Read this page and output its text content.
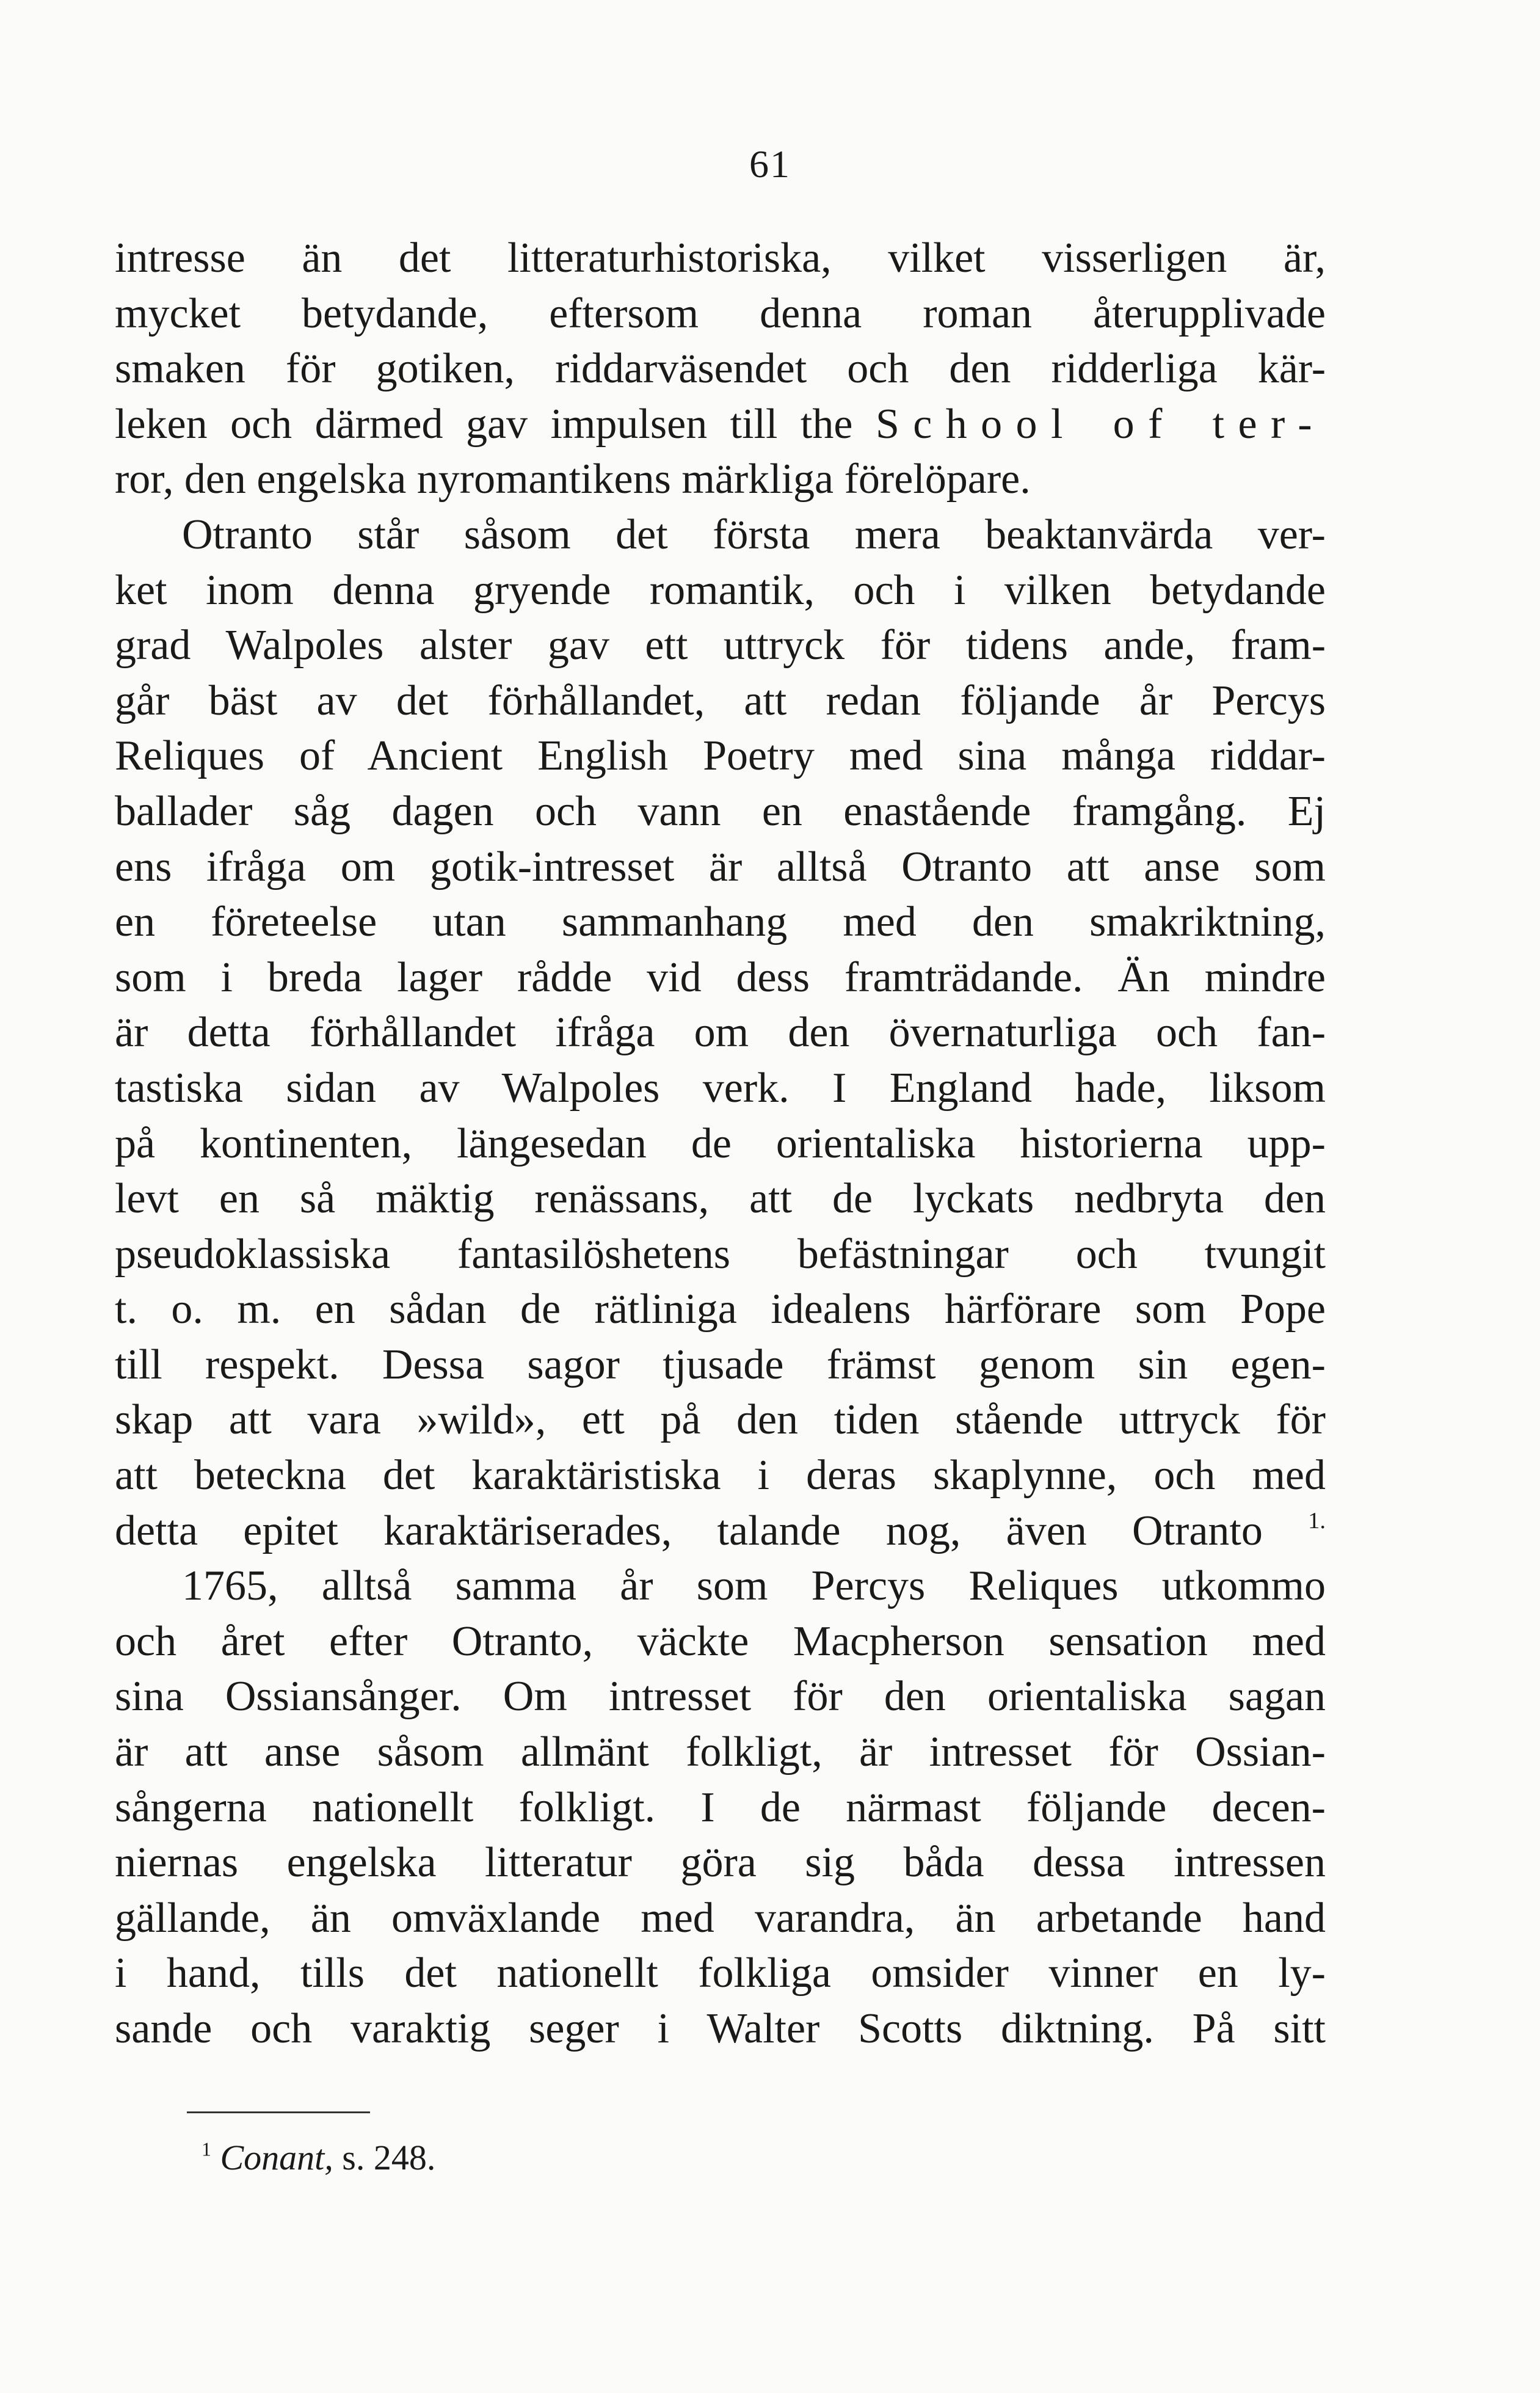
61
intresse än det litteraturhistoriska, vilket visserligen är,
mycket betydande, eftersom denna roman återupplivade
smaken för gotiken, riddarväsendet och den ridderliga kär-
leken och därmed gav impulsen till the School of ter-
ror, den engelska nyromantikens märkliga förelöpare.
Otranto står såsom det första mera beaktanvärda ver-
ket inom denna gryende romantik, och i vilken betydande
grad Walpoles alster gav ett uttryck för tidens ande, fram-
går bäst av det förhållandet, att redan följande år Percys
Reliques of Ancient English Poetry med sina många riddar-
ballader såg dagen och vann en enastående framgång. Ej
ens ifråga om gotik-intresset är alltså Otranto att anse som
en företeelse utan sammanhang med den smakriktning,
som i breda lager rådde vid dess framträdande. Än mindre
är detta förhållandet ifråga om den övernaturliga och fan-
tastiska sidan av Walpoles verk. I England hade, liksom
på kontinenten, längesedan de orientaliska historierna upp-
levt en så mäktig renässans, att de lyckats nedbryta den
pseudoklassiska fantasilöshetens befästningar och tvungit
t. o. m. en sådan de rätliniga idealens härförare som Pope
till respekt. Dessa sagor tjusade främst genom sin egen-
skap att vara »wild», ett på den tiden stående uttryck för
att beteckna det karaktäristiska i deras skaplynne, och med
detta epitet karaktäriserades, talande nog, även Otranto $^{1.}$
1765, alltså samma år som Percys Reliques utkommo
och året efter Otranto, väckte Macpherson sensation med
sina Ossiansånger. Om intresset för den orientaliska sagan
är att anse såsom allmänt folkligt, är intresset för Ossian-
sångerna nationellt folkligt. I de närmast följande decen-
niernas engelska litteratur göra sig båda dessa intressen
gällande, än omväxlande med varandra, än arbetande hand
i hand, tills det nationellt folkliga omsider vinner en ly-
sande och varaktig seger i Walter Scotts diktning. På sitt
$^1$ Conant, s. 248.
